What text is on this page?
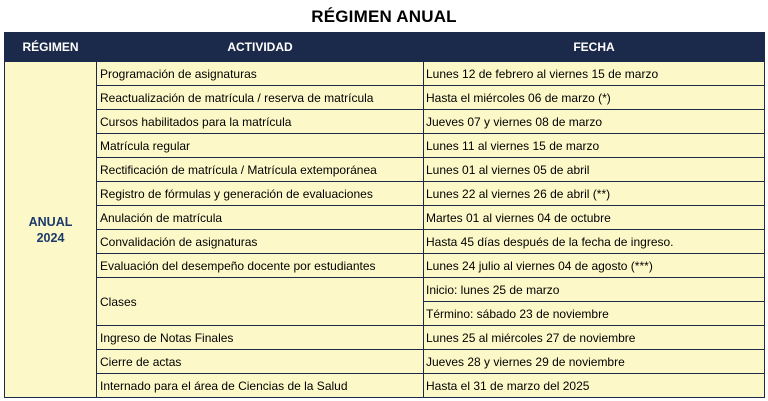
RÉGIMEN ANUAL
RÉGIMEN	ACTIVIDAD	FECHA

ANUAL
2024	Programación de asignaturas	Lunes 12 de febrero al viernes 15 de marzo
	Reactualización de matrícula / reserva de matrícula	Hasta el miércoles 06 de marzo (*)
	Cursos habilitados para la matrícula	Jueves 07 y viernes 08 de marzo
	Matrícula regular	Lunes 11 al viernes 15 de marzo
	Rectificación de matrícula / Matrícula extemporánea	Lunes 01 al viernes 05 de abril
	Registro de fórmulas y generación de evaluaciones	Lunes 22 al viernes 26 de abril (**)
	Anulación de matrícula	Martes 01 al viernes 04 de octubre
	Convalidación de asignaturas	Hasta 45 días después de la fecha de ingreso.
	Evaluación del desempeño docente por estudiantes	Lunes 24 julio al viernes 04 de agosto (***)
	Clases	Inicio: lunes 25 de marzo
		Término: sábado 23 de noviembre
	Ingreso de Notas Finales	Lunes 25 al miércoles 27 de noviembre
	Cierre de actas	Jueves 28 y viernes 29 de noviembre
	Internado para el área de Ciencias de la Salud	Hasta el 31 de marzo del 2025
